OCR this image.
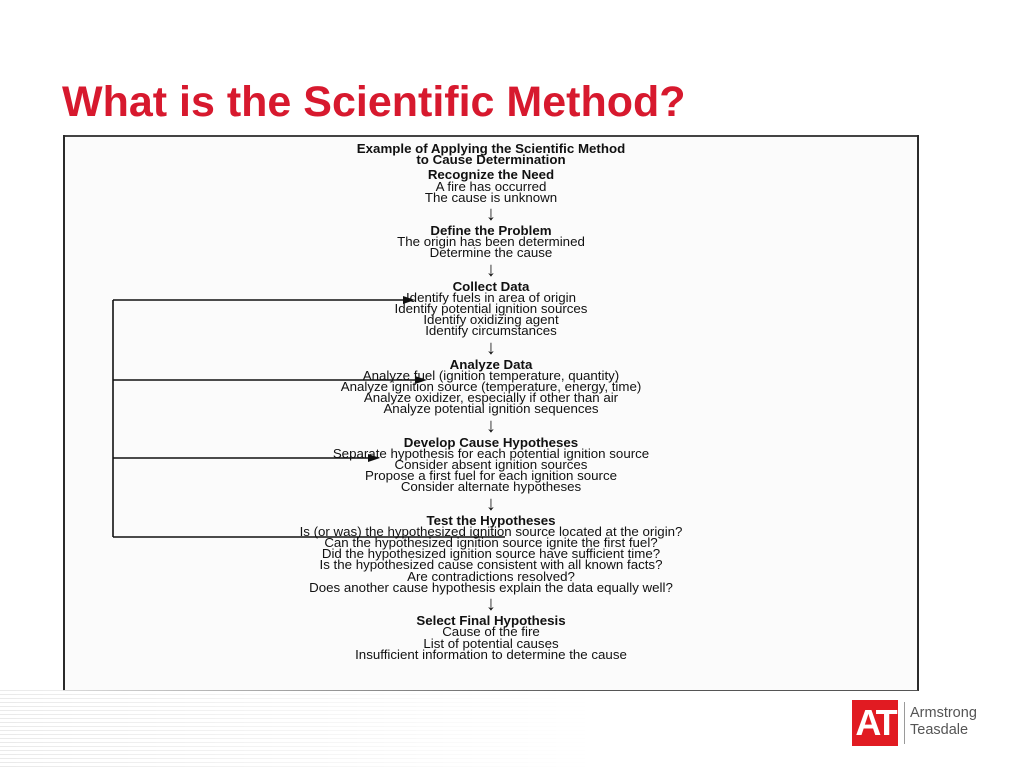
What is the Scientific Method?
Example of Applying the Scientific Method
to Cause Determination
Recognize the Need
A fire has occurred
The cause is unknown
↓
Define the Problem
The origin has been determined
Determine the cause
↓
Collect Data
Identify fuels in area of origin
Identify potential ignition sources
Identify oxidizing agent
Identify circumstances
↓
Analyze Data
Analyze fuel (ignition temperature, quantity)
Analyze ignition source (temperature, energy, time)
Analyze oxidizer, especially if other than air
Analyze potential ignition sequences
↓
Develop Cause Hypotheses
Separate hypothesis for each potential ignition source
Consider absent ignition sources
Propose a first fuel for each ignition source
Consider alternate hypotheses
↓
Test the Hypotheses
Is (or was) the hypothesized ignition source located at the origin?
Can the hypothesized ignition source ignite the first fuel?
Did the hypothesized ignition source have sufficient time?
Is the hypothesized cause consistent with all known facts?
Are contradictions resolved?
Does another cause hypothesis explain the data equally well?
↓
Select Final Hypothesis
Cause of the fire
List of potential causes
Insufficient information to determine the cause
AT Armstrong
Teasdale
